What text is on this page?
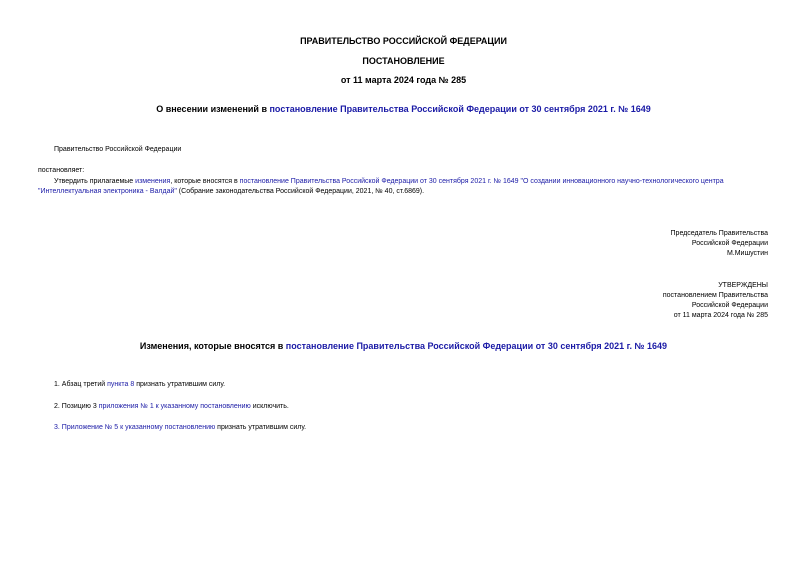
ПРАВИТЕЛЬСТВО РОССИЙСКОЙ ФЕДЕРАЦИИ
ПОСТАНОВЛЕНИЕ
от 11 марта 2024 года № 285
О внесении изменений в постановление Правительства Российской Федерации от 30 сентября 2021 г. № 1649
Правительство Российской Федерации
постановляет:
Утвердить прилагаемые изменения, которые вносятся в постановление Правительства Российской Федерации от 30 сентября 2021 г. № 1649 "О создании инновационного научно-технологического центра
"Интеллектуальная электроника - Валдай" (Собрание законодательства Российской Федерации, 2021, № 40, ст.6869).
Председатель Правительства
Российской Федерации
М.Мишустин
УТВЕРЖДЕНЫ
постановлением Правительства
Российской Федерации
от 11 марта 2024 года № 285
Изменения, которые вносятся в постановление Правительства Российской Федерации от 30 сентября 2021 г. № 1649
1. Абзац третий пункта 8 признать утратившим силу.
2. Позицию 3 приложения № 1 к указанному постановлению исключить.
3. Приложение № 5 к указанному постановлению признать утратившим силу.
